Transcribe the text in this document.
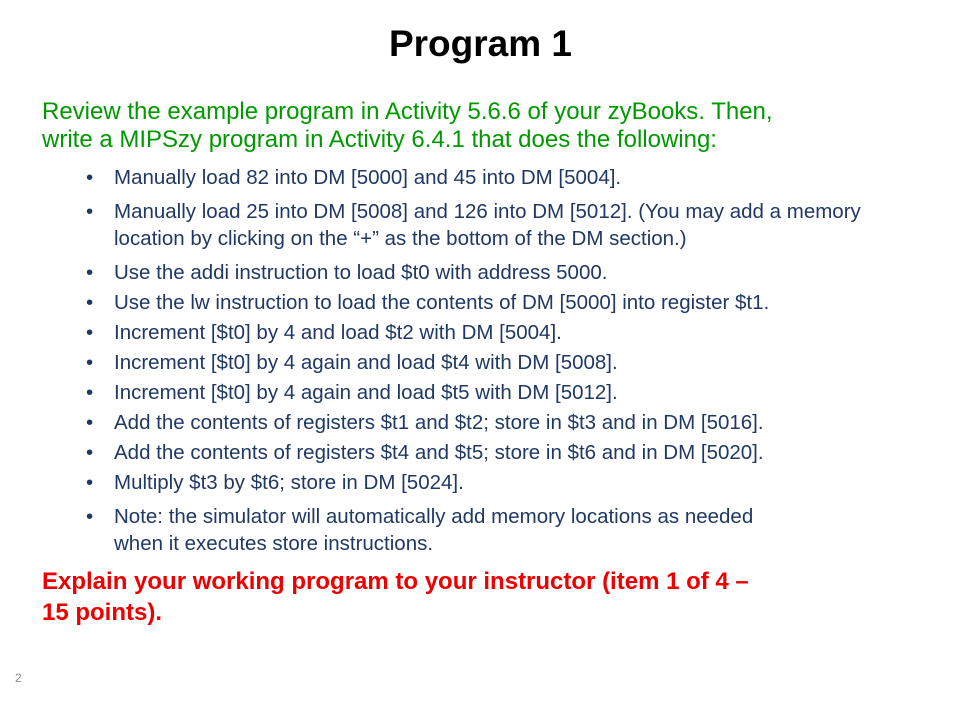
Program 1

Review the example program in Activity 5.6.6 of your zyBooks. Then,
write a MIPSzy program in Activity 6.4.1 that does the following:

•	Manually load 82 into DM [5000] and 45 into DM [5004].
•	Manually load 25 into DM [5008] and 126 into DM [5012]. (You may add a memory location by clicking on the “+” as the bottom of the DM section.)
•	Use the addi instruction to load $t0 with address 5000.
•	Use the lw instruction to load the contents of DM [5000] into register $t1.
•	Increment [$t0] by 4 and load $t2 with DM [5004].
•	Increment [$t0] by 4 again and load $t4 with DM [5008].
•	Increment [$t0] by 4 again and load $t5 with DM [5012].
•	Add the contents of registers $t1 and $t2; store in $t3 and in DM [5016].
•	Add the contents of registers $t4 and $t5; store in $t6 and in DM [5020].
•	Multiply $t3 by $t6; store in DM [5024].
•	Note: the simulator will automatically add memory locations as needed when it executes store instructions.

Explain your working program to your instructor (item 1 of 4 –
15 points).

2
